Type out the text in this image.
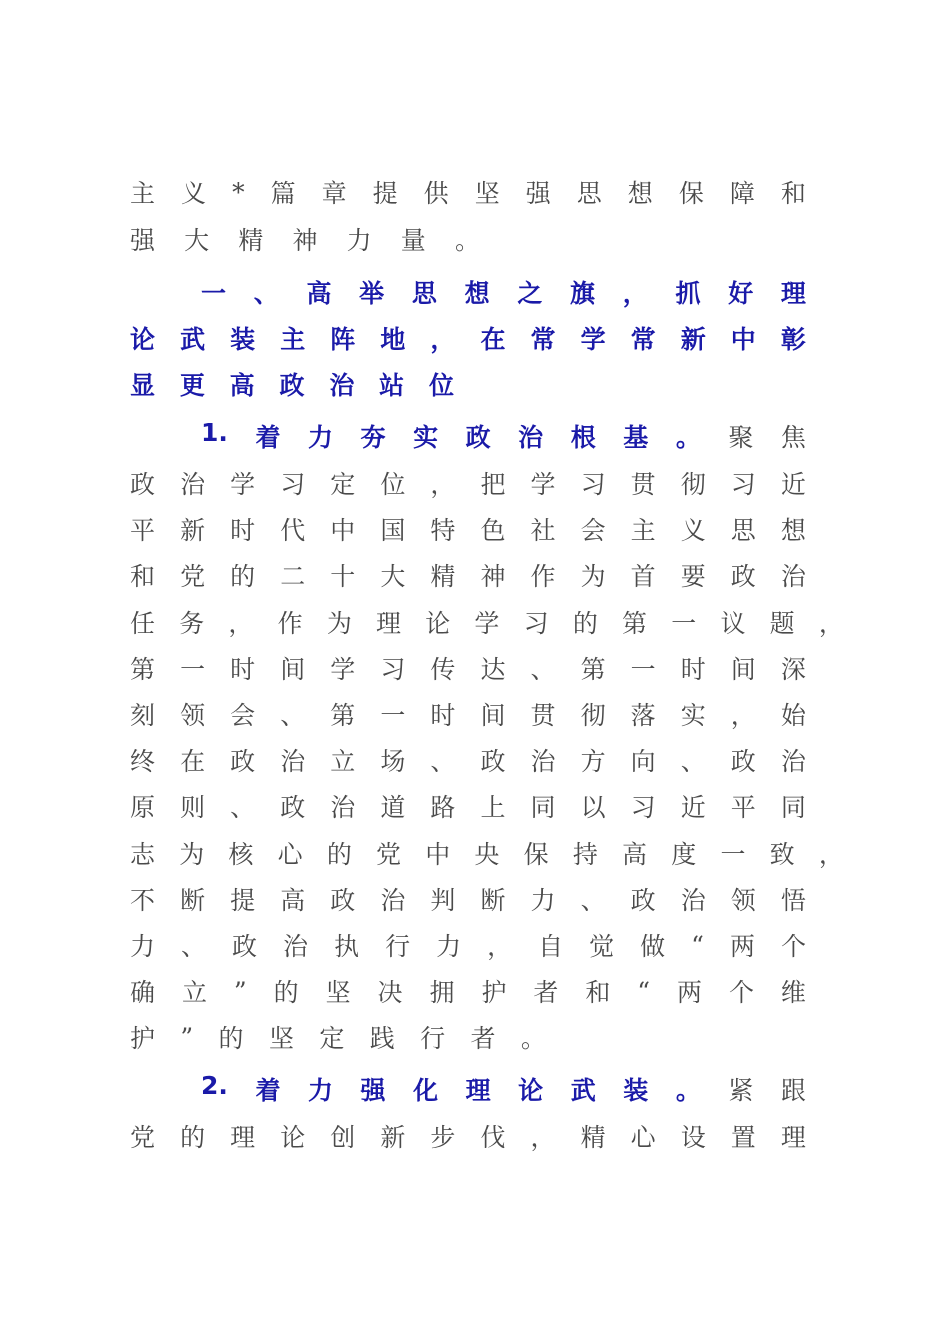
主 义 * 篇 章 提 供 坚 强 思 想 保 障 和
强 大 精 神 力 量 。
一 、 高 举 思 想 之 旗 ， 抓 好 理
论 武 装 主 阵 地 ， 在 常 学 常 新 中 彰
显 更 高 政 治 站 位
1. 着 力 夯 实 政 治 根 基 。 聚 焦
政 治 学 习 定 位 ， 把 学 习 贯 彻 习 近
平 新 时 代 中 国 特 色 社 会 主 义 思 想
和 党 的 二 十 大 精 神 作 为 首 要 政 治
任 务 ， 作 为 理 论 学 习 的 第 一 议 题 ，
第 一 时 间 学 习 传 达 、 第 一 时 间 深
刻 领 会 、 第 一 时 间 贯 彻 落 实 ， 始
终 在 政 治 立 场 、 政 治 方 向 、 政 治
原 则 、 政 治 道 路 上 同 以 习 近 平 同
志 为 核 心 的 党 中 央 保 持 高 度 一 致 ，
不 断 提 高 政 治 判 断 力 、 政 治 领 悟
力 、 政 治 执 行 力 ， 自 觉 做 “ 两 个
确 立 ” 的 坚 决 拥 护 者 和 “ 两 个 维
护 ” 的 坚 定 践 行 者 。
2. 着 力 强 化 理 论 武 装 。 紧 跟
党 的 理 论 创 新 步 伐 ， 精 心 设 置 理
